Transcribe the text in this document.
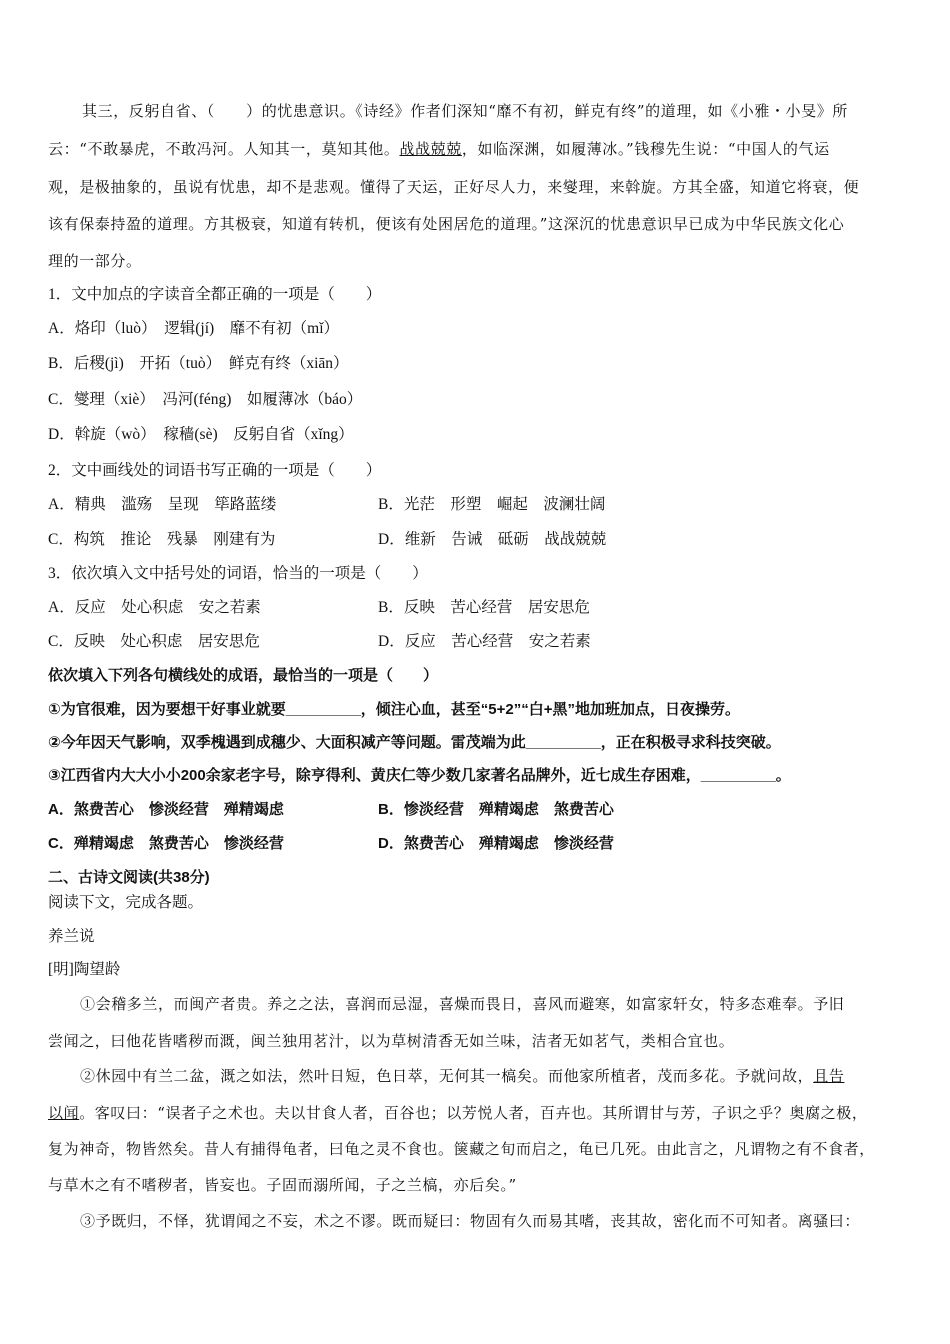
其三，反躬自省、（　　）的忧患意识。《诗经》作者们深知“靡不有初，鲜克有终”的道理，如《小雅・小旻》所
云：“不敢暴虎，不敢冯河。人知其一，莫知其他。战战兢兢，如临深渊，如履薄冰。”钱穆先生说：“中国人的气运
观，是极抽象的，虽说有忧患，却不是悲观。懂得了天运，正好尽人力，来燮理，来斡旋。方其全盛，知道它将衰，便
该有保泰持盈的道理。方其极衰，知道有转机，便该有处困居危的道理。”这深沉的忧患意识早已成为中华民族文化心
理的一部分。
1．文中加点的字读音全都正确的一项是（　　）
A．烙印（luò）　逻辑(jí)　靡不有初（mǐ）
B．后稷(jì)　开拓（tuò）　鲜克有终（xiān）
C．燮理（xiè）　冯河(féng)　如履薄冰（báo）
D．斡旋（wò）　稼穑(sè)　反躬自省（xǐng）
2．文中画线处的词语书写正确的一项是（　　）
A．精典　滥殇　呈现　筚路蓝缕	B．光茫　形塑　崛起　波澜壮阔
C．构筑　推论　残暴　刚建有为	D．维新　告诫　砥砺　战战兢兢
3．依次填入文中括号处的词语，恰当的一项是（　　）
A．反应　处心积虑　安之若素	B．反映　苦心经营　居安思危
C．反映　处心积虑　居安思危	D．反应　苦心经营　安之若素
依次填入下列各句横线处的成语，最恰当的一项是（　　）
①为官很难，因为要想干好事业就要_________，倾注心血，甚至“5+2”“白+黑”地加班加点，日夜操劳。
②今年因天气影响，双季槐遇到成穗少、大面积减产等问题。雷茂端为此_________，正在积极寻求科技突破。
③江西省内大大小小200余家老字号，除亨得利、黄庆仁等少数几家著名品牌外，近七成生存困难，_________。
A．煞费苦心　惨淡经营　殚精竭虑	B．惨淡经营　殚精竭虑　煞费苦心
C．殚精竭虑　煞费苦心　惨淡经营	D．煞费苦心　殚精竭虑　惨淡经营
二、古诗文阅读(共38分)
阅读下文，完成各题。
养兰说
[明]陶望龄
①会稽多兰，而闽产者贵。养之之法，喜润而忌湿，喜燥而畏日，喜风而避寒，如富家轩女，特多态难奉。予旧
尝闻之，曰他花皆嗜秽而溉，闽兰独用茗汁，以为草树清香无如兰味，洁者无如茗气，类相合宜也。
②休园中有兰二盆，溉之如法，然叶日短，色日萃，无何其一槁矣。而他家所植者，茂而多花。予就问故，且告
以闻。客叹曰：“误者子之术也。夫以甘食人者，百谷也；以芳悦人者，百卉也。其所谓甘与芳，子识之乎？奥腐之极，
复为神奇，物皆然矣。昔人有捕得龟者，曰龟之灵不食也。箧藏之旬而启之，龟已几死。由此言之，凡谓物之有不食者，
与草木之有不嗜秽者，皆妄也。子固而溺所闻，子之兰槁，亦后矣。”
③予既归，不怿，犹谓闻之不妄，术之不谬。既而疑曰：物固有久而易其嗜，丧其故，密化而不可知者。离骚曰：
